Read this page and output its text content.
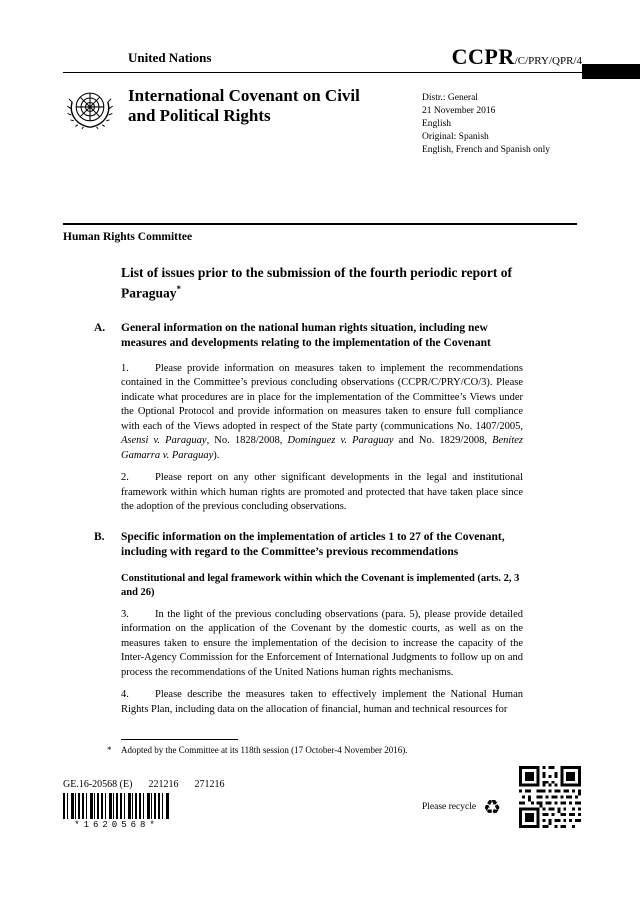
United Nations	CCPR/C/PRY/QPR/4
International Covenant on Civil and Political Rights
Distr.: General
21 November 2016
English
Original: Spanish
English, French and Spanish only
Human Rights Committee
List of issues prior to the submission of the fourth periodic report of Paraguay*
A. General information on the national human rights situation, including new measures and developments relating to the implementation of the Covenant

1. Please provide information on measures taken to implement the recommendations contained in the Committee’s previous concluding observations (CCPR/C/PRY/CO/3). Please indicate what procedures are in place for the implementation of the Committee’s Views under the Optional Protocol and provide information on measures taken to ensure full compliance with each of the Views adopted in respect of the State party (communications No. 1407/2005, Asensi v. Paraguay, No. 1828/2008, Domínguez v. Paraguay and No. 1829/2008, Benítez Gamarra v. Paraguay).

2. Please report on any other significant developments in the legal and institutional framework within which human rights are promoted and protected that have taken place since the adoption of the previous concluding observations.

B. Specific information on the implementation of articles 1 to 27 of the Covenant, including with regard to the Committee’s previous recommendations
Constitutional and legal framework within which the Covenant is implemented (arts. 2, 3 and 26)

3. In the light of the previous concluding observations (para. 5), please provide detailed information on the application of the Covenant by the domestic courts, as well as on the measures taken to ensure the implementation of the decision to increase the capacity of the Inter-Agency Commission for the Enforcement of International Judgments to follow up on and process the recommendations of the United Nations human rights mechanisms.

4. Please describe the measures taken to effectively implement the National Human Rights Plan, including data on the allocation of financial, human and technical resources for

* Adopted by the Committee at its 118th session (17 October-4 November 2016).
GE.16-20568 (E) 221216 271216
*1620568*
Please recycle ♻
